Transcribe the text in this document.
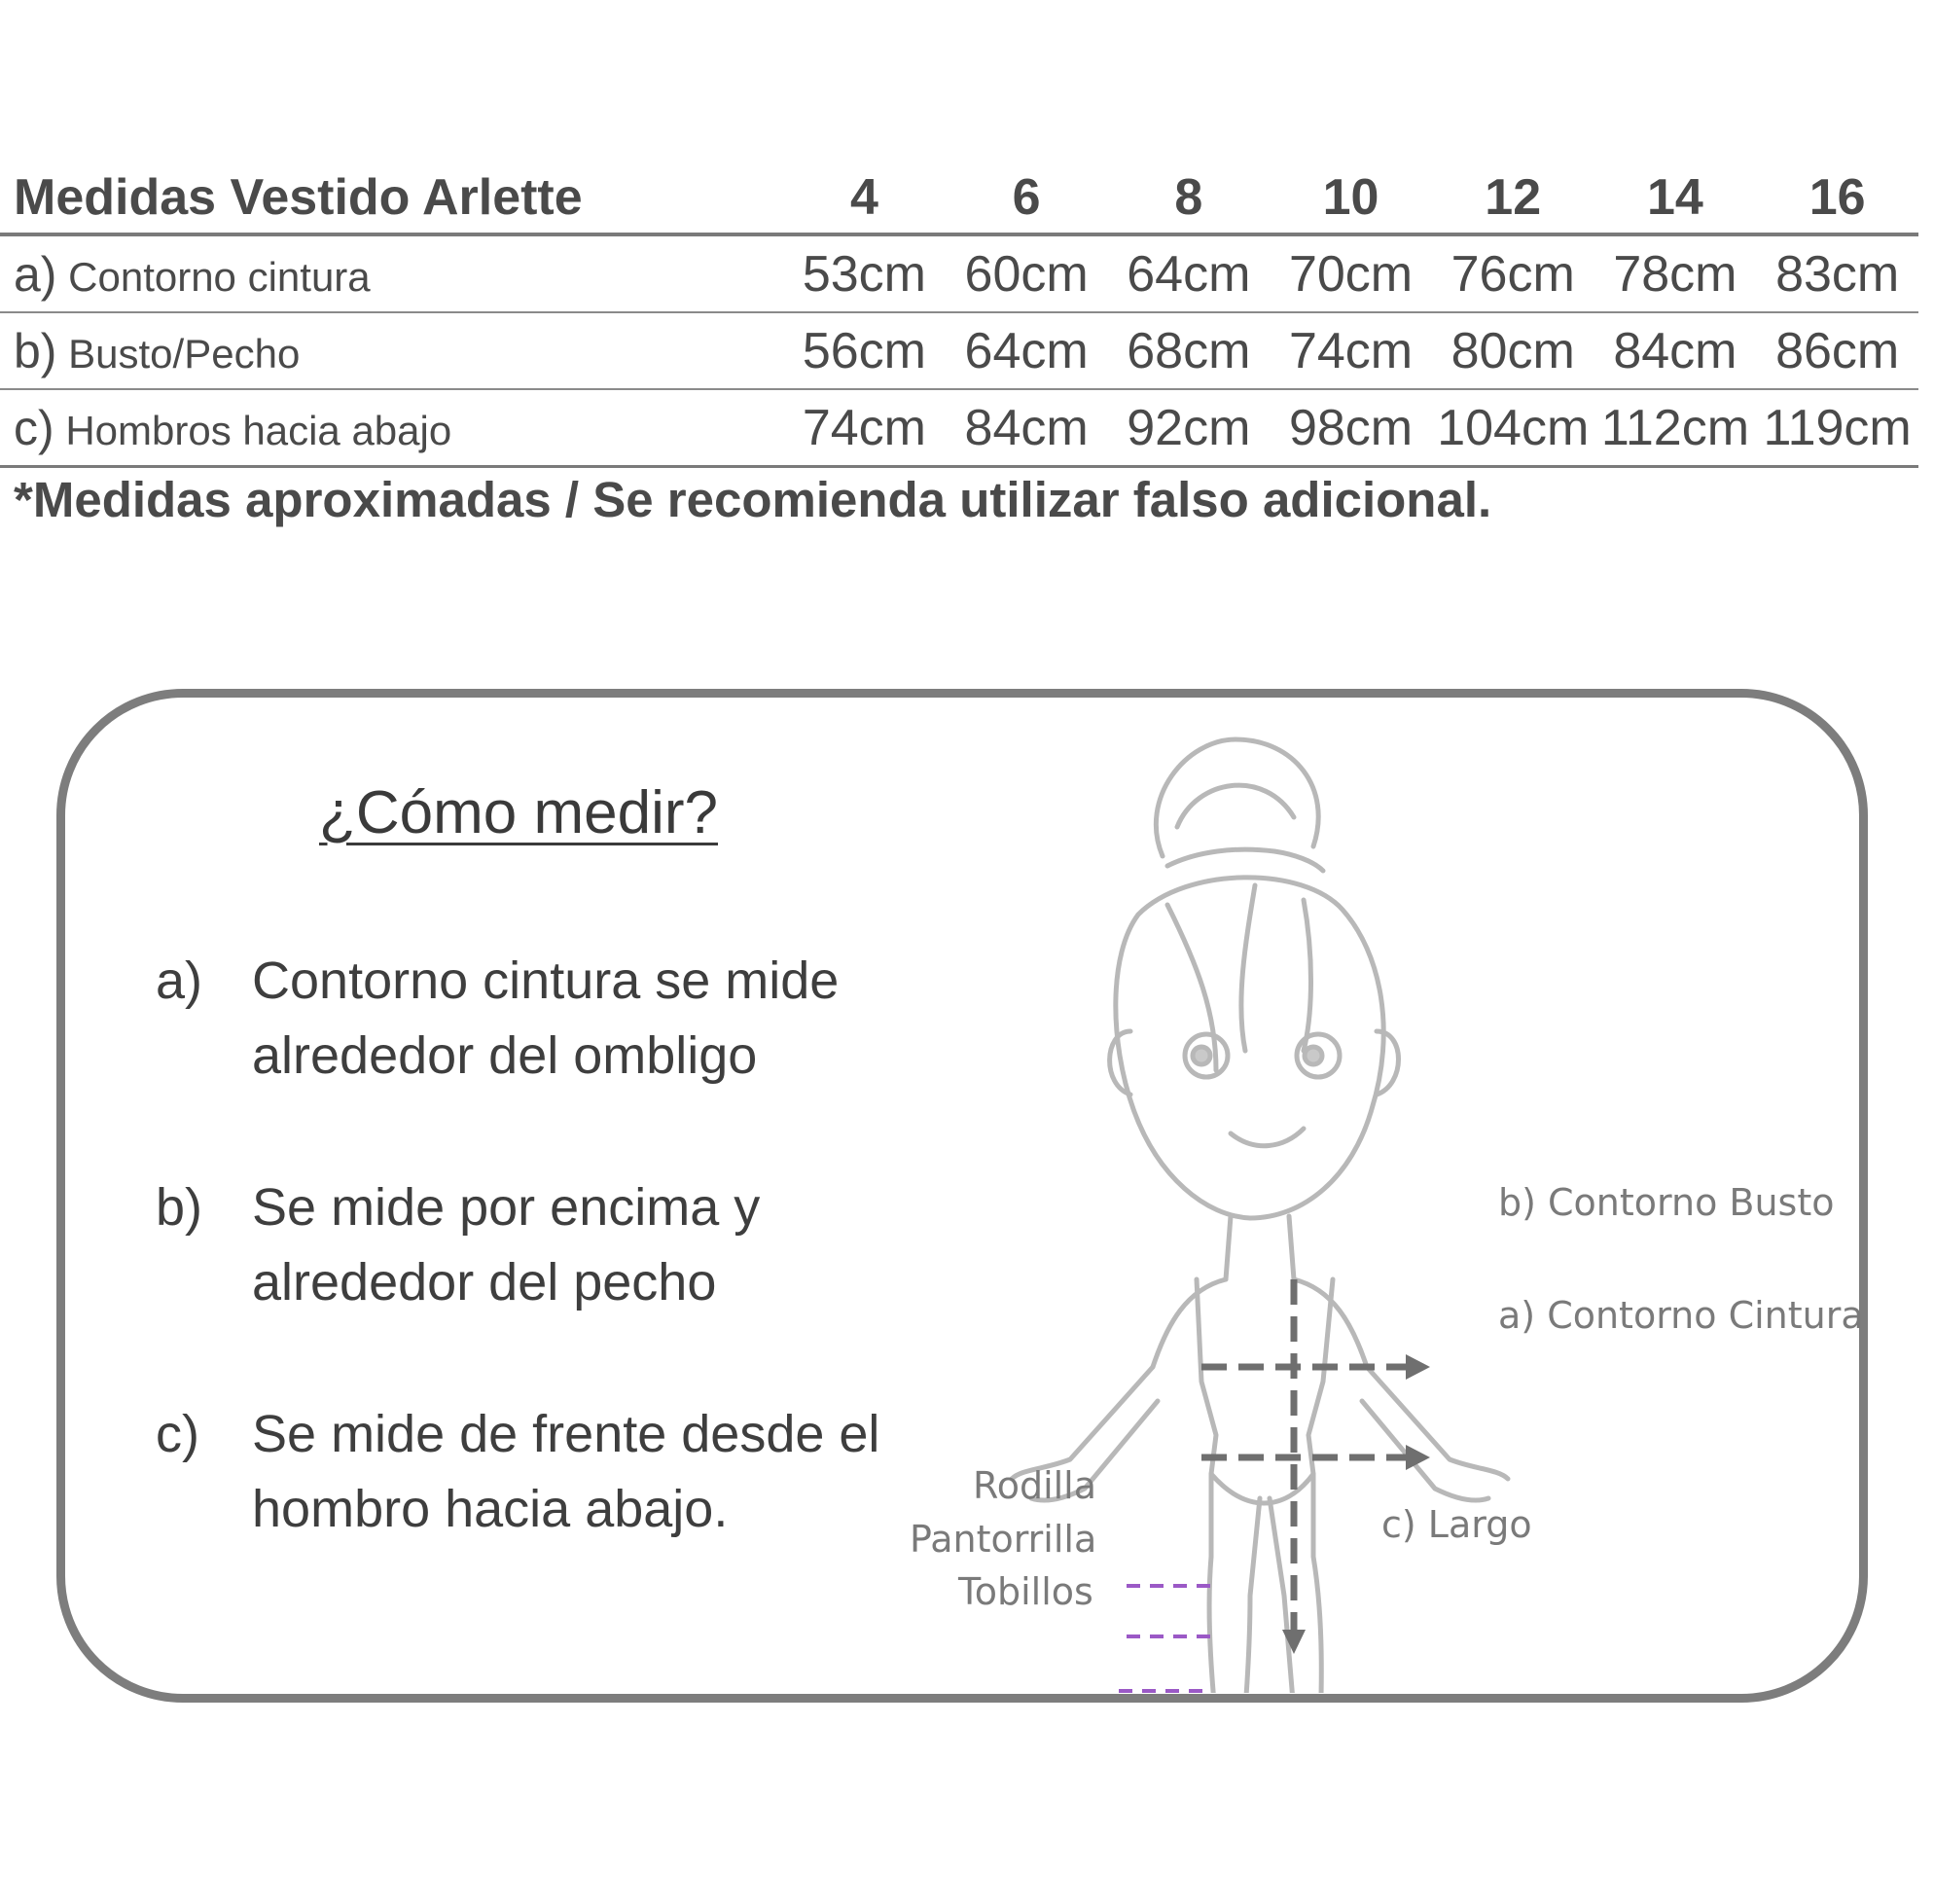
Medidas Vestido Arlette	4	6	8	10	12	14	16
a) Contorno cintura	53cm	60cm	64cm	70cm	76cm	78cm	83cm
b) Busto/Pecho	56cm	64cm	68cm	74cm	80cm	84cm	86cm
c) Hombros hacia abajo	74cm	84cm	92cm	98cm	104cm	112cm	119cm
*Medidas aproximadas / Se recomienda utilizar falso adicional.
¿Cómo medir?
a) Contorno cintura se mide
alrededor del ombligo
b) Se mide por encima y
alrededor del pecho
c) Se mide de frente desde el
hombro hacia abajo.
b) Contorno Busto
a) Contorno Cintura
c) Largo
Rodilla
Pantorrilla
Tobillos
